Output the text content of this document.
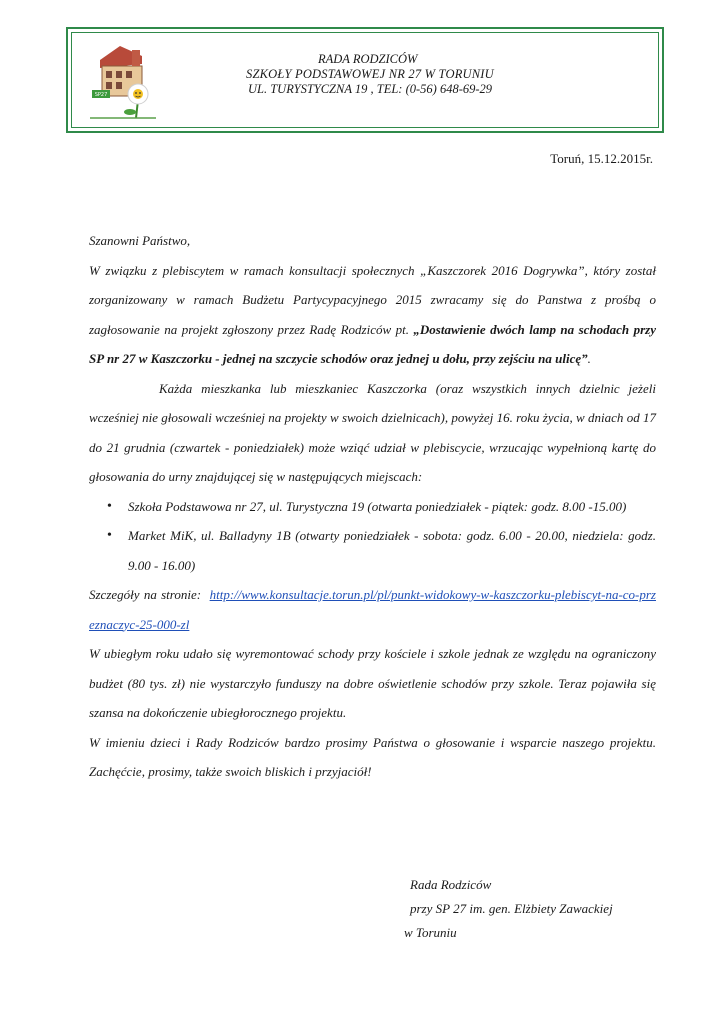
SP27
RADA RODZICÓW
SZKOŁY PODSTAWOWEJ NR 27 W TORUNIU
UL. TURYSTYCZNA 19 , TEL: (0-56) 648-69-29
Toruń, 15.12.2015r.

Szanowni Państwo,

W związku z plebiscytem w ramach konsultacji społecznych „Kaszczorek 2016 Dogrywka”, który został zorganizowany w ramach Budżetu Partycypacyjnego 2015 zwracamy się do Panstwa z prośbą o zagłosowanie na projekt zgłoszony przez Radę Rodziców pt. „Dostawienie dwóch lamp na schodach przy SP nr 27 w Kaszczorku - jednej na szczycie schodów oraz jednej u dołu, przy zejściu na ulicę”.

Każda mieszkanka lub mieszkaniec Kaszczorka (oraz wszystkich innych dzielnic jeżeli wcześniej nie głosowali wcześniej na projekty w swoich dzielnicach), powyżej 16. roku życia, w dniach od 17 do 21 grudnia (czwartek - poniedziałek) może wziąć udział w plebiscycie, wrzucając wypełnioną kartę do głosowania do urny znajdującej się w następujących miejscach:

• Szkoła Podstawowa nr 27, ul. Turystyczna 19 (otwarta poniedziałek - piątek: godz. 8.00 -15.00)
• Market MiK, ul. Balladyny 1B (otwarty poniedziałek - sobota: godz. 6.00 - 20.00, niedziela: godz. 9.00 - 16.00)

Szczegóły na stronie:  http://www.konsultacje.torun.pl/pl/punkt-widokowy-w-kaszczorku-plebiscyt-na-co-przeznaczyc-25-000-zl

W ubiegłym roku udało się wyremontować schody przy kościele i szkole jednak ze względu na ograniczony budżet (80 tys. zł) nie wystarczyło funduszy na dobre oświetlenie schodów przy szkole. Teraz pojawiła się szansa na dokończenie ubiegłorocznego projektu.

W imieniu dzieci i Rady Rodziców bardzo prosimy Państwa o głosowanie i wsparcie naszego projektu. Zachęćcie, prosimy, także swoich bliskich i przyjaciół!

Rada Rodziców
przy SP 27 im. gen. Elżbiety Zawackiej
w Toruniu
